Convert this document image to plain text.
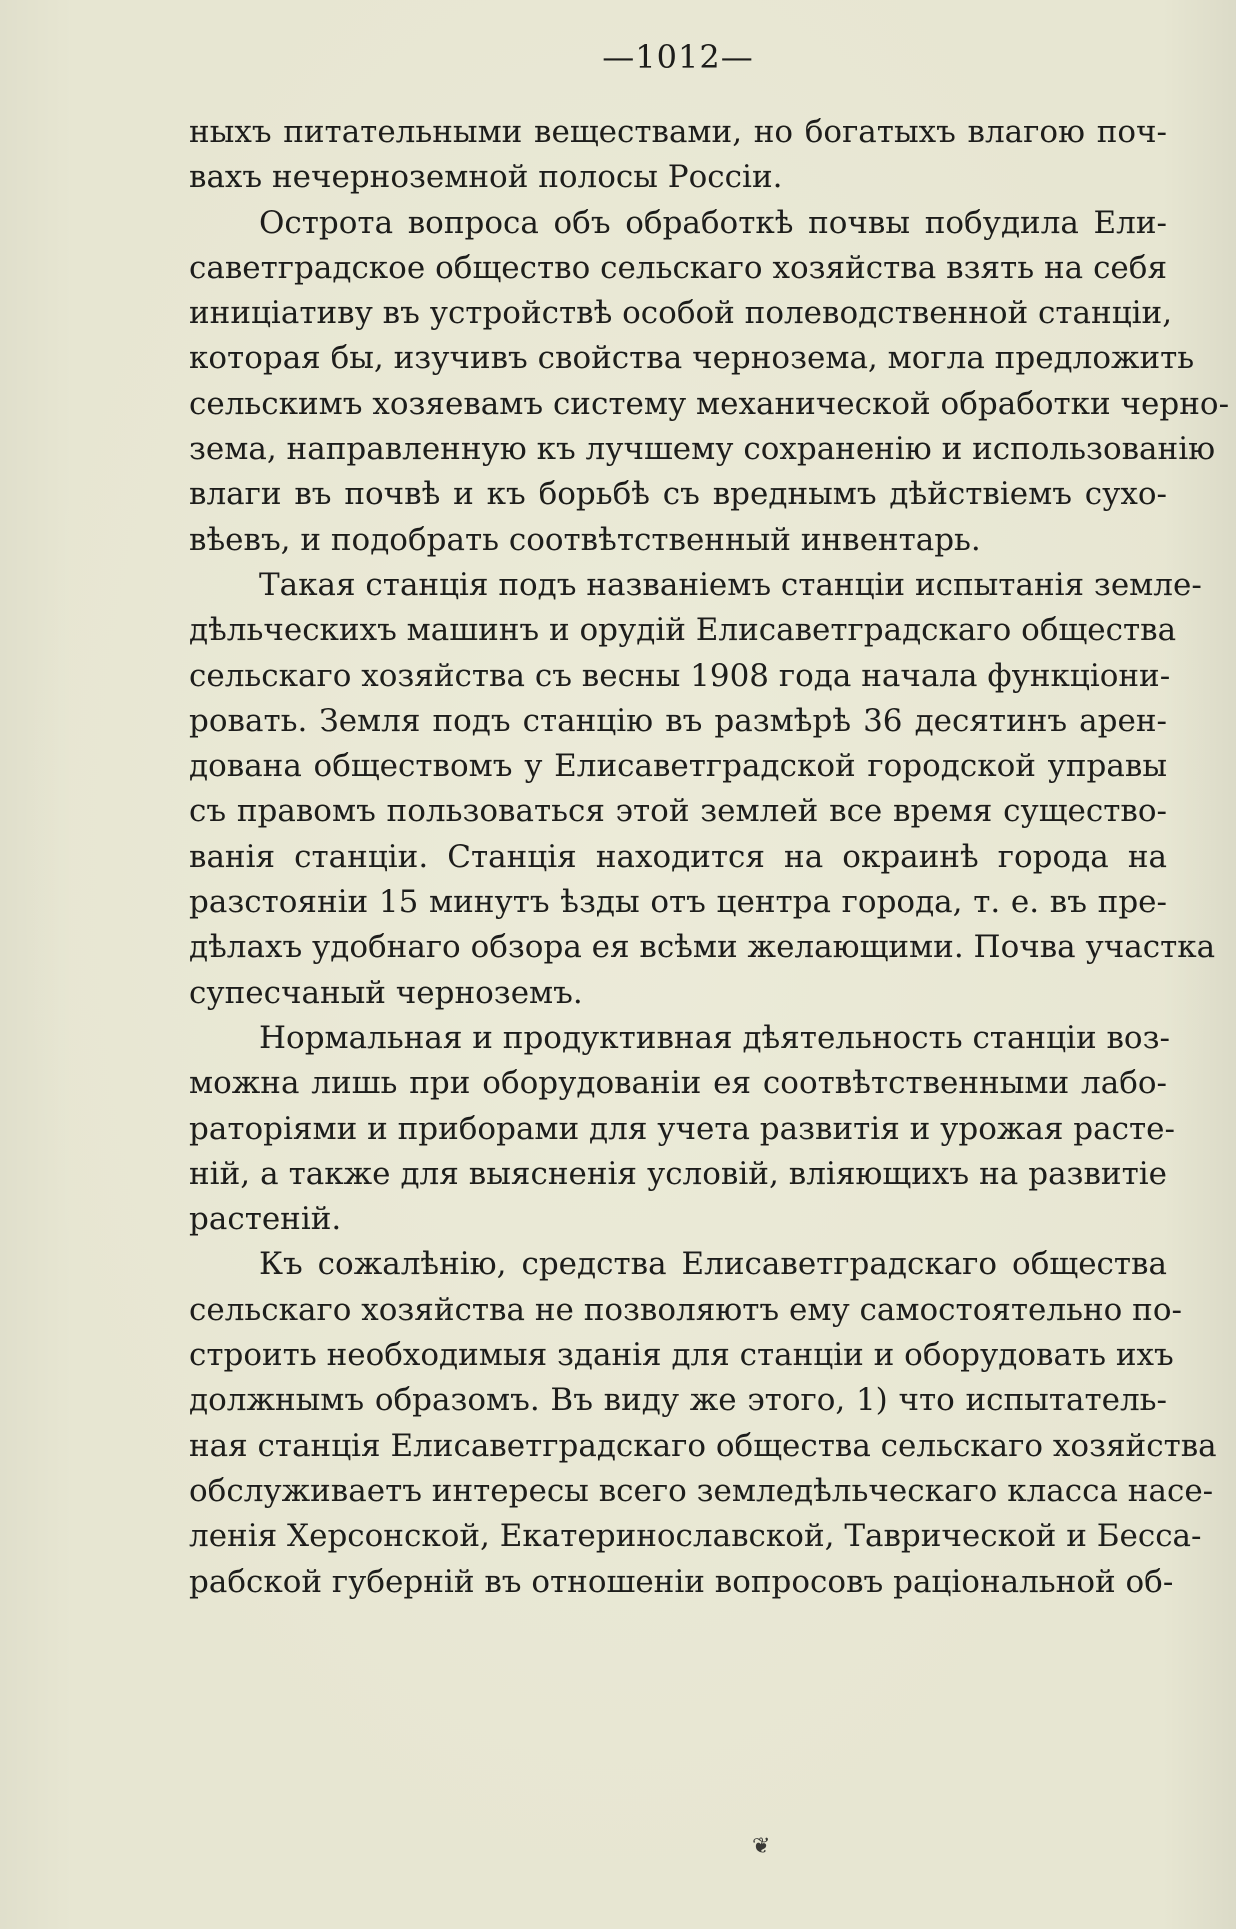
—1012—
ныхъ питательными веществами, но богатыхъ влагою поч-
вахъ нечерноземной полосы Россіи.
Острота вопроса объ обработкѣ почвы побудила Ели-
саветградское общество сельскаго хозяйства взять на себя
иниціативу въ устройствѣ особой полеводственной станціи,
которая бы, изучивъ свойства чернозема, могла предложить
сельскимъ хозяевамъ систему механической обработки черно-
зема, направленную къ лучшему сохраненію и использованію
влаги въ почвѣ и къ борьбѣ съ вреднымъ дѣйствіемъ сухо-
вѣевъ, и подобрать соотвѣтственный инвентарь.
Такая станція подъ названіемъ станціи испытанія земле-
дѣльческихъ машинъ и орудій Елисаветградскаго общества
сельскаго хозяйства съ весны 1908 года начала функціони-
ровать. Земля подъ станцію въ размѣрѣ 36 десятинъ арен-
дована обществомъ у Елисаветградской городской управы
съ правомъ пользоваться этой землей все время существо-
ванія станціи. Станція находится на окраинѣ города на
разстояніи 15 минутъ ѣзды отъ центра города, т. е. въ пре-
дѣлахъ удобнаго обзора ея всѣми желающими. Почва участка
супесчаный черноземъ.
Нормальная и продуктивная дѣятельность станціи воз-
можна лишь при оборудованіи ея соотвѣтственными лабо-
раторіями и приборами для учета развитія и урожая расте-
ній, а также для выясненія условій, вліяющихъ на развитіе
растеній.
Къ сожалѣнію, средства Елисаветградскаго общества
сельскаго хозяйства не позволяютъ ему самостоятельно по-
строить необходимыя зданія для станціи и оборудовать ихъ
должнымъ образомъ. Въ виду же этого, 1) что испытатель-
ная станція Елисаветградскаго общества сельскаго хозяйства
обслуживаетъ интересы всего земледѣльческаго класса насе-
ленія Херсонской, Екатеринославской, Таврической и Бесса-
рабской губерній въ отношеніи вопросовъ раціональной об-
❦
